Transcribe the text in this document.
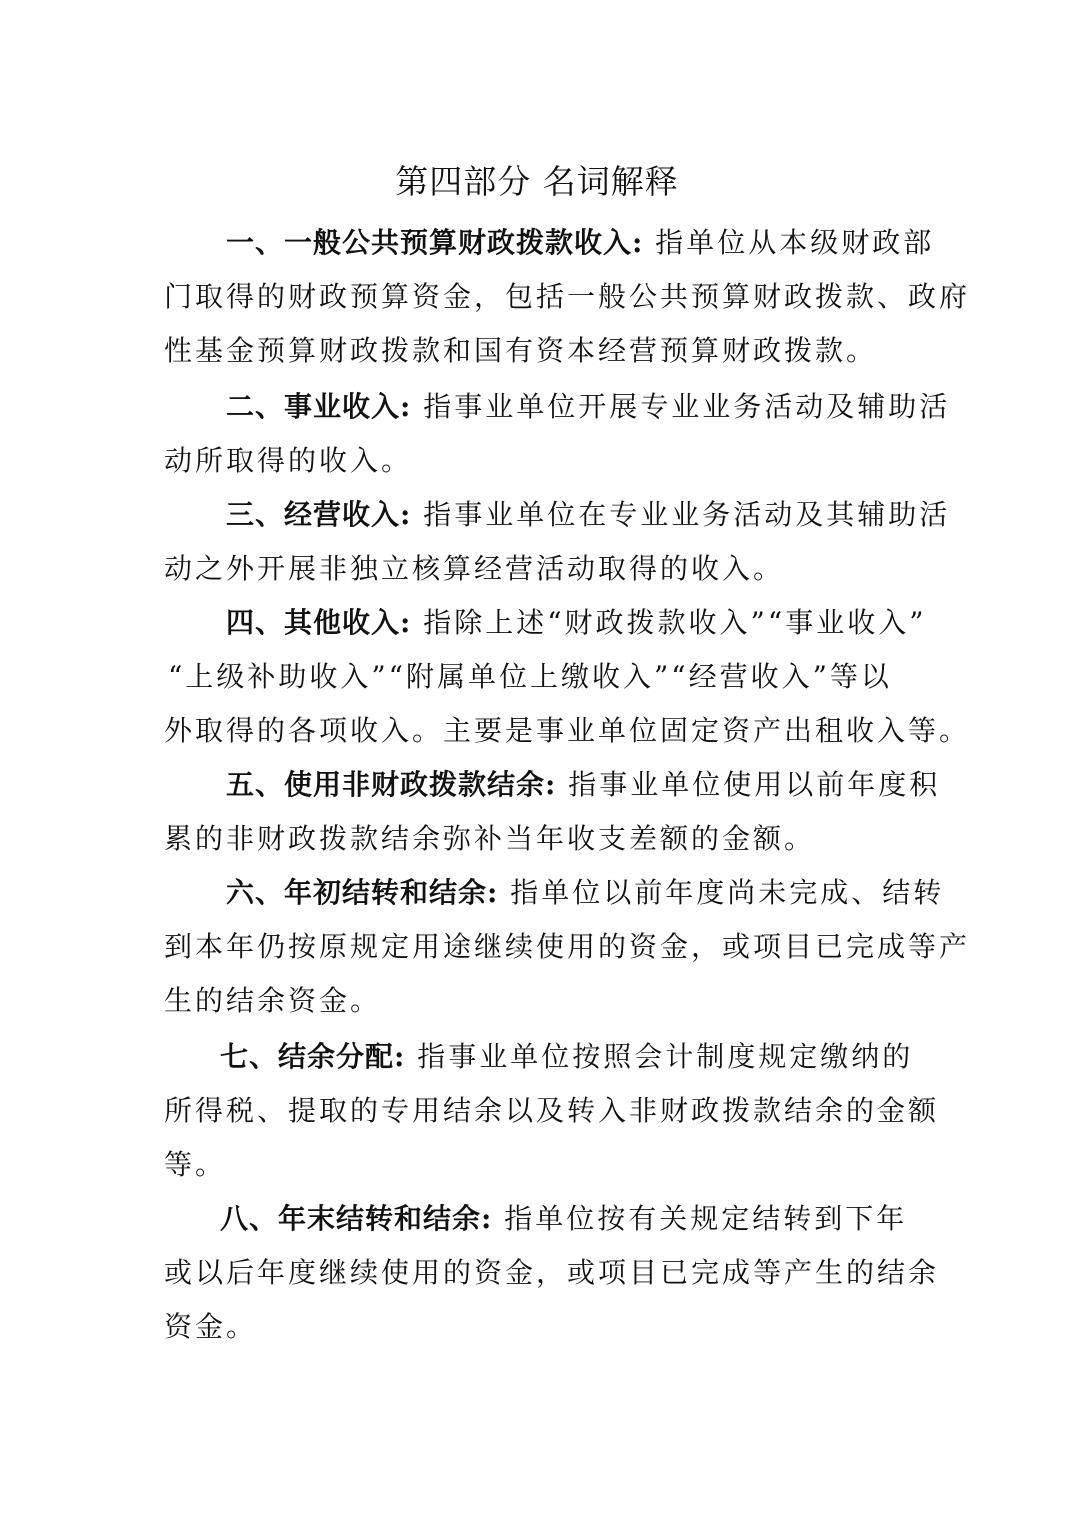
第四部分 名词解释
一、一般公共预算财政拨款收入: 指单位从本级财政部
门取得的财政预算资金，包括一般公共预算财政拨款、政府
性基金预算财政拨款和国有资本经营预算财政拨款。
二、事业收入: 指事业单位开展专业业务活动及辅助活
动所取得的收入。
三、经营收入: 指事业单位在专业业务活动及其辅助活
动之外开展非独立核算经营活动取得的收入。
四、其他收入: 指除上述“财政拨款收入”“事业收入”
“上级补助收入”“附属单位上缴收入”“经营收入”等以
外取得的各项收入。主要是事业单位固定资产出租收入等。
五、使用非财政拨款结余: 指事业单位使用以前年度积
累的非财政拨款结余弥补当年收支差额的金额。
六、年初结转和结余: 指单位以前年度尚未完成、结转
到本年仍按原规定用途继续使用的资金，或项目已完成等产
生的结余资金。
七、结余分配: 指事业单位按照会计制度规定缴纳的
所得税、提取的专用结余以及转入非财政拨款结余的金额
等。
八、年末结转和结余: 指单位按有关规定结转到下年
或以后年度继续使用的资金，或项目已完成等产生的结余
资金。
